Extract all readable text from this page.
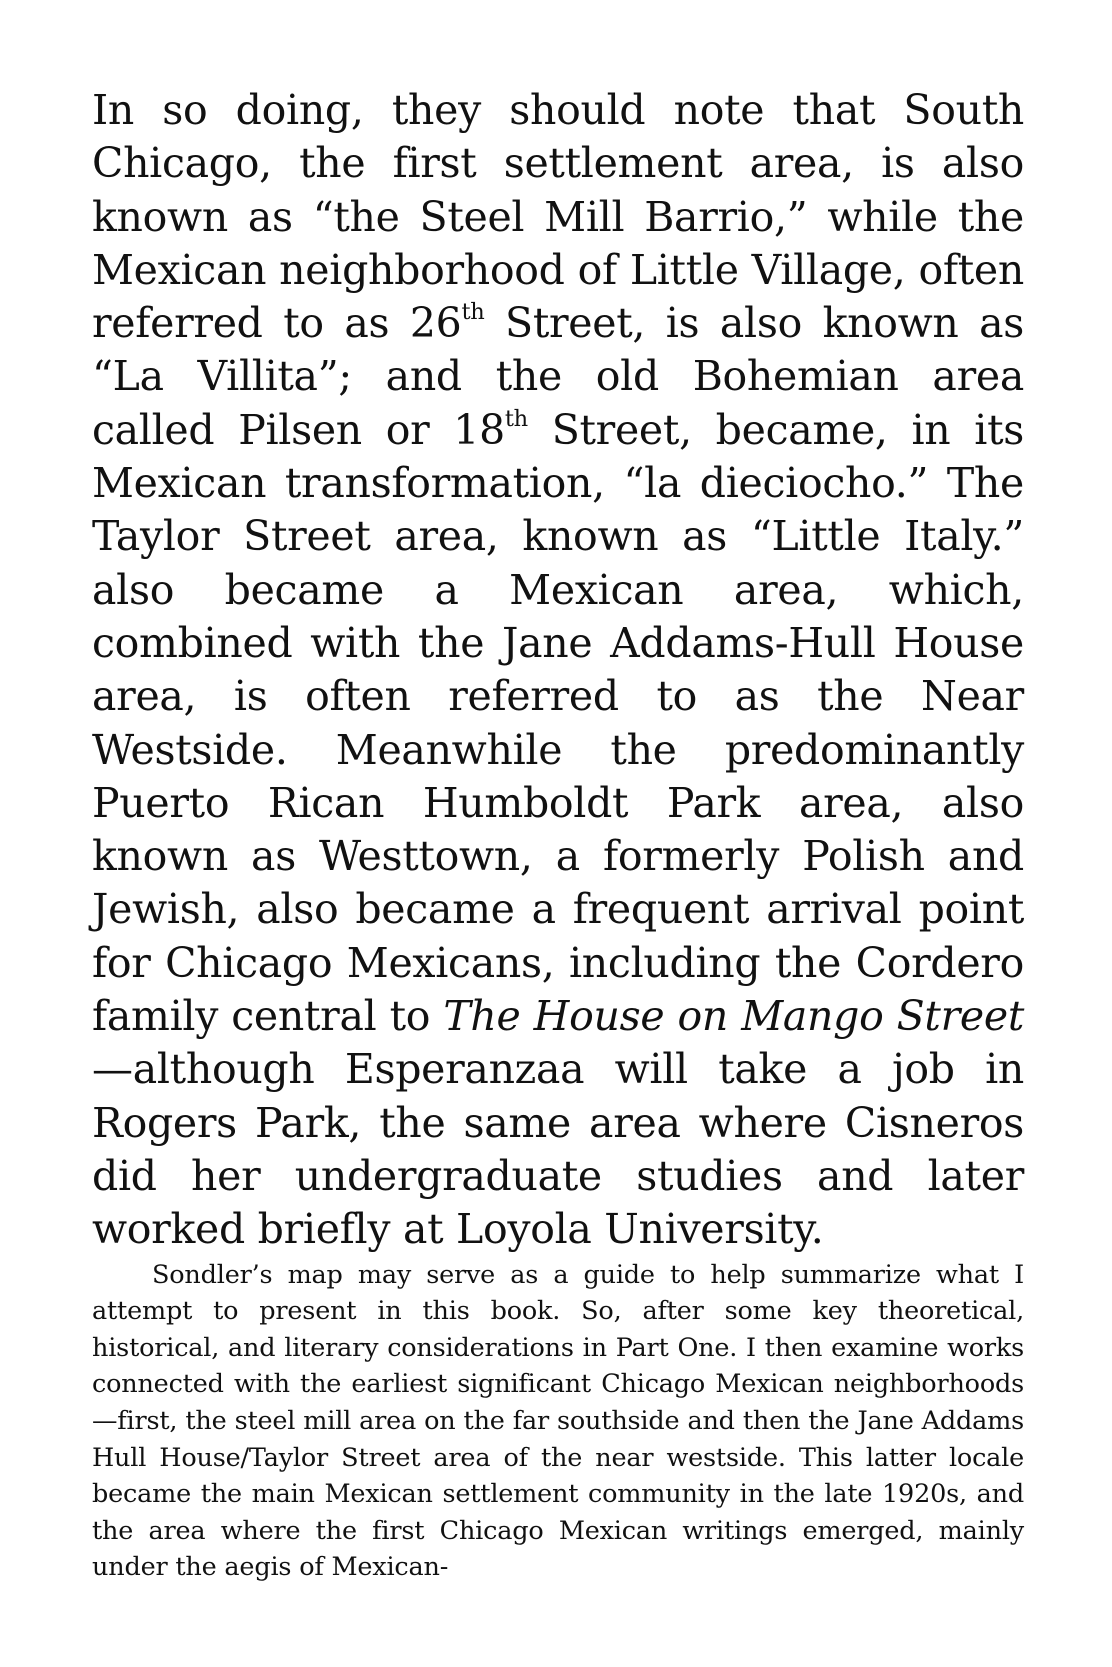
In so doing, they should note that South Chicago, the first settlement area, is also known as “the Steel Mill Barrio,” while the Mexican neighborhood of Little Village, often referred to as 26th Street, is also known as “La Villita”; and the old Bohemian area called Pilsen or 18th Street, became, in its Mexican transformation, “la dieciocho.” The Taylor Street area, known as “Little Italy.” also became a Mexican area, which, combined with the Jane Addams-Hull House area, is often referred to as the Near Westside. Meanwhile the predominantly Puerto Rican Humboldt Park area, also known as Westtown, a formerly Polish and Jewish, also became a frequent arrival point for Chicago Mexicans, including the Cordero family central to The House on Mango Street—although Esperanzaa will take a job in Rogers Park, the same area where Cisneros did her undergraduate studies and later worked briefly at Loyola University.

Sondler’s map may serve as a guide to help summarize what I attempt to present in this book. So, after some key theoretical, historical, and literary considerations in Part One. I then examine works connected with the earliest significant Chicago Mexican neighborhoods—first, the steel mill area on the far southside and then the Jane Addams Hull House/Taylor Street area of the near westside. This latter locale became the main Mexican settlement community in the late 1920s, and the area where the first Chicago Mexican writings emerged, mainly under the aegis of Mexican-
